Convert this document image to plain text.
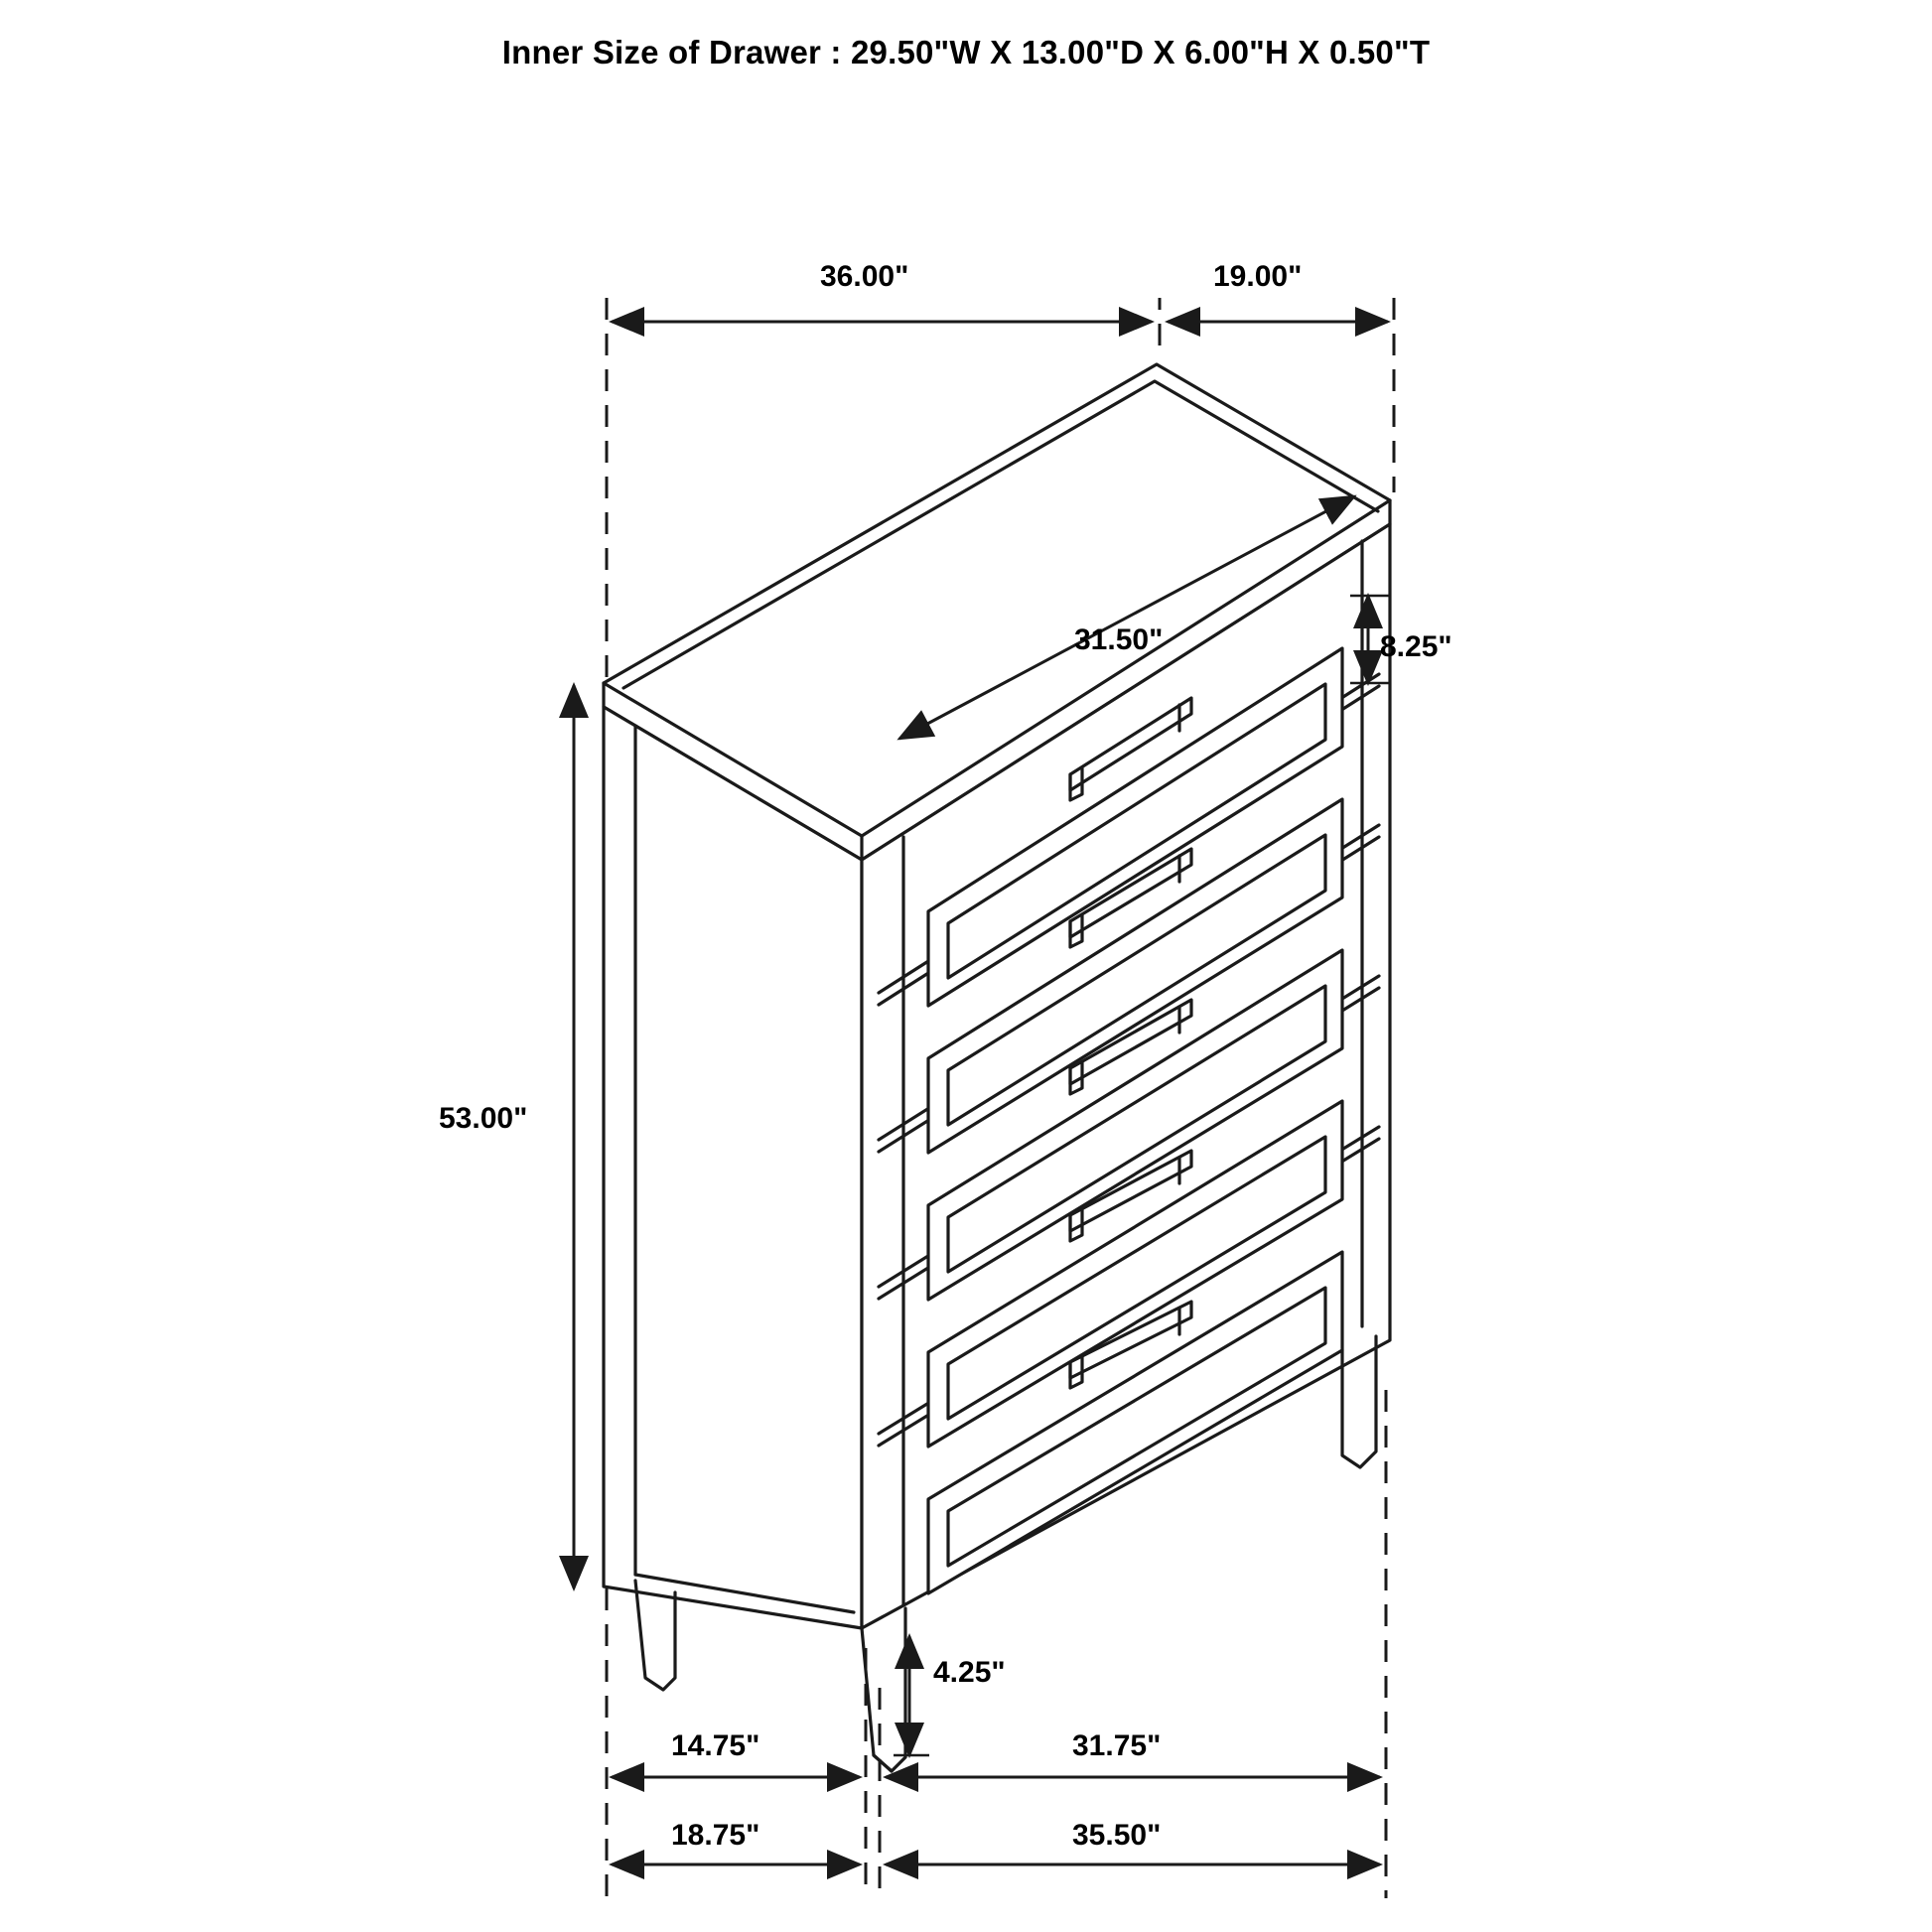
Inner Size of Drawer : 29.50"W X 13.00"D X 6.00"H X 0.50"T
36.00"	19.00"
31.50"	8.25"
53.00"
4.25"
14.75"	31.75"
18.75"	35.50"
